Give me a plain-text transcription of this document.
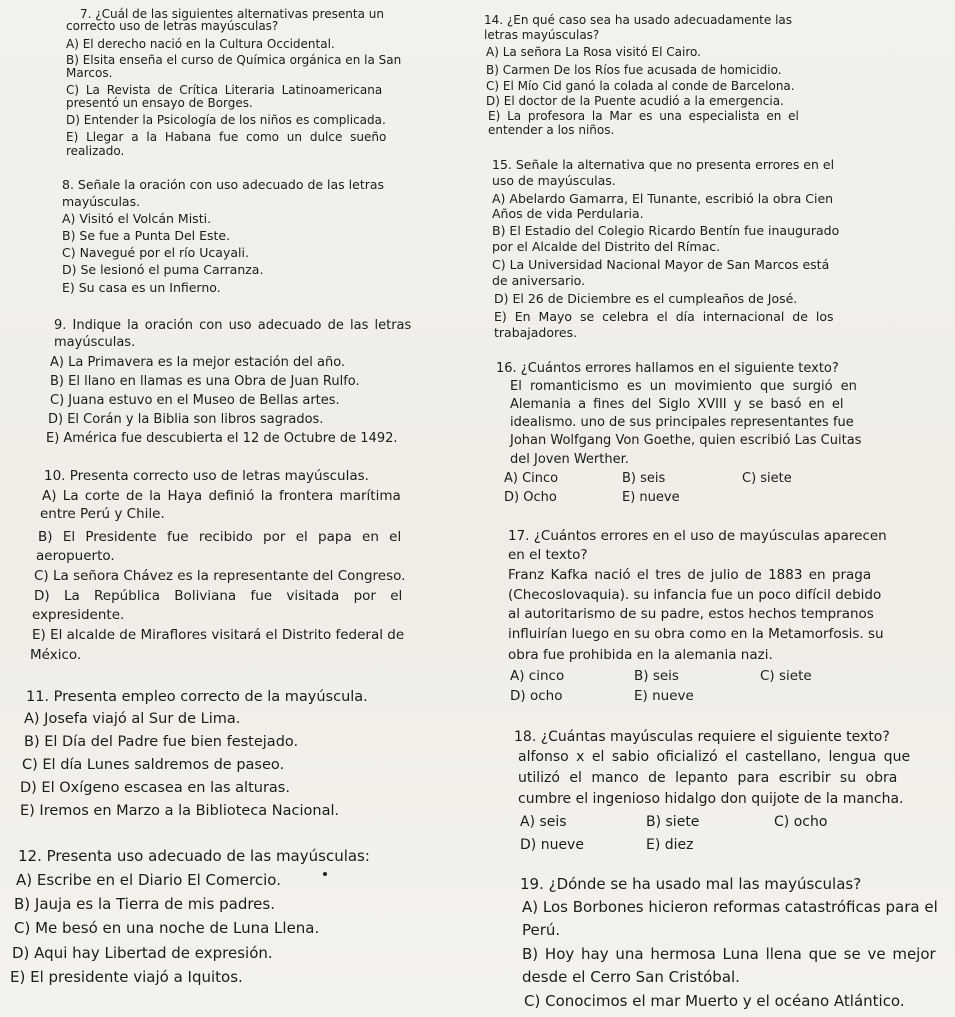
7. ¿Cuál de las siguientes alternativas presenta un
correcto uso de letras mayúsculas?
A) El derecho nació en la Cultura Occidental.
B) Elsita enseña el curso de Química orgánica en la San
Marcos.
C) La Revista de Crítica Literaria Latinoamericana
presentó un ensayo de Borges.
D) Entender la Psicología de los niños es complicada.
E) Llegar a la Habana fue como un dulce sueño
realizado.
8. Señale la oración con uso adecuado de las letras
mayúsculas.
A) Visitó el Volcán Misti.
B) Se fue a Punta Del Este.
C) Navegué por el río Ucayali.
D) Se lesionó el puma Carranza.
E) Su casa es un Infierno.
9. Indique la oración con uso adecuado de las letras
mayúsculas.
A) La Primavera es la mejor estación del año.
B) El llano en llamas es una Obra de Juan Rulfo.
C) Juana estuvo en el Museo de Bellas artes.
D) El Corán y la Biblia son libros sagrados.
E) América fue descubierta el 12 de Octubre de 1492.
10. Presenta correcto uso de letras mayúsculas.
A) La corte de la Haya definió la frontera marítima
entre Perú y Chile.
B) El Presidente fue recibido por el papa en el
aeropuerto.
C) La señora Chávez es la representante del Congreso.
D) La República Boliviana fue visitada por el
expresidente.
E) El alcalde de Miraflores visitará el Distrito federal de
México.
11. Presenta empleo correcto de la mayúscula.
A) Josefa viajó al Sur de Lima.
B) El Día del Padre fue bien festejado.
C) El día Lunes saldremos de paseo.
D) El Oxígeno escasea en las alturas.
E) Iremos en Marzo a la Biblioteca Nacional.
12. Presenta uso adecuado de las mayúsculas:
A) Escribe en el Diario El Comercio.
B) Jauja es la Tierra de mis padres.
C) Me besó en una noche de Luna Llena.
D) Aqui hay Libertad de expresión.
E) El presidente viajó a Iquitos.
14. ¿En qué caso sea ha usado adecuadamente las
letras mayúsculas?
A) La señora La Rosa visitó El Cairo.
B) Carmen De los Ríos fue acusada de homicidio.
C) El Mío Cid ganó la colada al conde de Barcelona.
D) El doctor de la Puente acudió a la emergencia.
E) La profesora la Mar es una especialista en el
entender a los niños.
15. Señale la alternativa que no presenta errores en el
uso de mayúsculas.
A) Abelardo Gamarra, El Tunante, escribió la obra Cien
Años de vida Perdularia.
B) El Estadio del Colegio Ricardo Bentín fue inaugurado
por el Alcalde del Distrito del Rímac.
C) La Universidad Nacional Mayor de San Marcos está
de aniversario.
D) El 26 de Diciembre es el cumpleaños de José.
E) En Mayo se celebra el día internacional de los
trabajadores.
16. ¿Cuántos errores hallamos en el siguiente texto?
El romanticismo es un movimiento que surgió en
Alemania a fines del Siglo XVIII y se basó en el
idealismo. uno de sus principales representantes fue
Johan Wolfgang Von Goethe, quien escribió Las Cuitas
del Joven Werther.
A) Cinco	B) seis	C) siete
D) Ocho	E) nueve
17. ¿Cuántos errores en el uso de mayúsculas aparecen
en el texto?
Franz Kafka nació el tres de julio de 1883 en praga
(Checoslovaquia). su infancia fue un poco difícil debido
al autoritarismo de su padre, estos hechos tempranos
influirían luego en su obra como en la Metamorfosis. su
obra fue prohibida en la alemania nazi.
A) cinco	B) seis	C) siete
D) ocho	E) nueve
18. ¿Cuántas mayúsculas requiere el siguiente texto?
alfonso x el sabio oficializó el castellano, lengua que
utilizó el manco de lepanto para escribir su obra
cumbre el ingenioso hidalgo don quijote de la mancha.
A) seis	B) siete	C) ocho
D) nueve	E) diez
19. ¿Dónde se ha usado mal las mayúsculas?
A) Los Borbones hicieron reformas catastróficas para el
Perú.
B) Hoy hay una hermosa Luna llena que se ve mejor
desde el Cerro San Cristóbal.
C) Conocimos el mar Muerto y el océano Atlántico.
